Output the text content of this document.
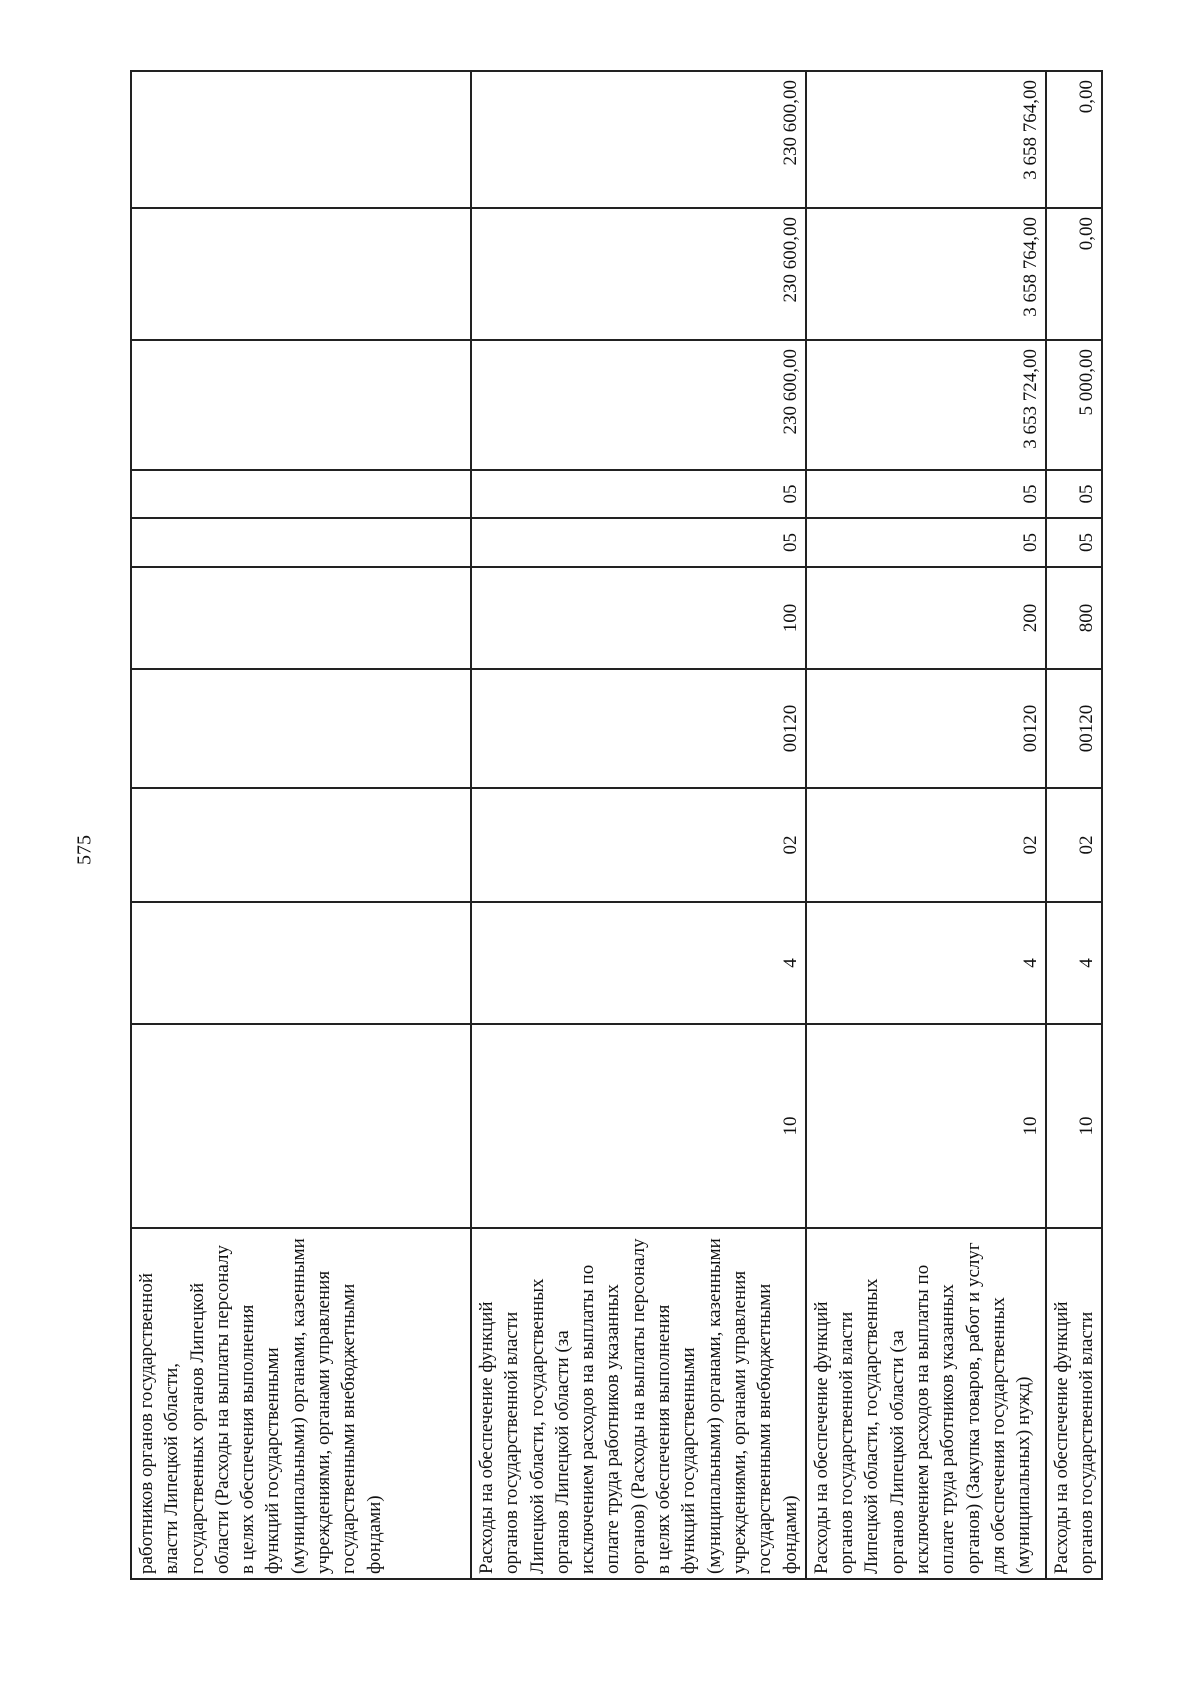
575
работников органов государственной власти Липецкой области, государственных органов Липецкой области (Расходы на выплаты персоналу в целях обеспечения выполнения функций государственными (муниципальными) органами, казенными учреждениями, органами управления государственными внебюджетными фондами)										
Расходы на обеспечение функций органов государственной власти Липецкой области, государственных органов Липецкой области (за исключением расходов на выплаты по оплате труда работников указанных органов) (Расходы на выплаты персоналу в целях обеспечения выполнения функций государственными (муниципальными) органами, казенными учреждениями, органами управления государственными внебюджетными фондами)	10	4	02	00120	100	05	05	230 600,00	230 600,00	230 600,00
Расходы на обеспечение функций органов государственной власти Липецкой области, государственных органов Липецкой области (за исключением расходов на выплаты по оплате труда работников указанных органов) (Закупка товаров, работ и услуг для обеспечения государственных (муниципальных) нужд)	10	4	02	00120	200	05	05	3 653 724,00	3 658 764,00	3 658 764,00
Расходы на обеспечение функций органов государственной власти	10	4	02	00120	800	05	05	5 000,00	0,00	0,00
